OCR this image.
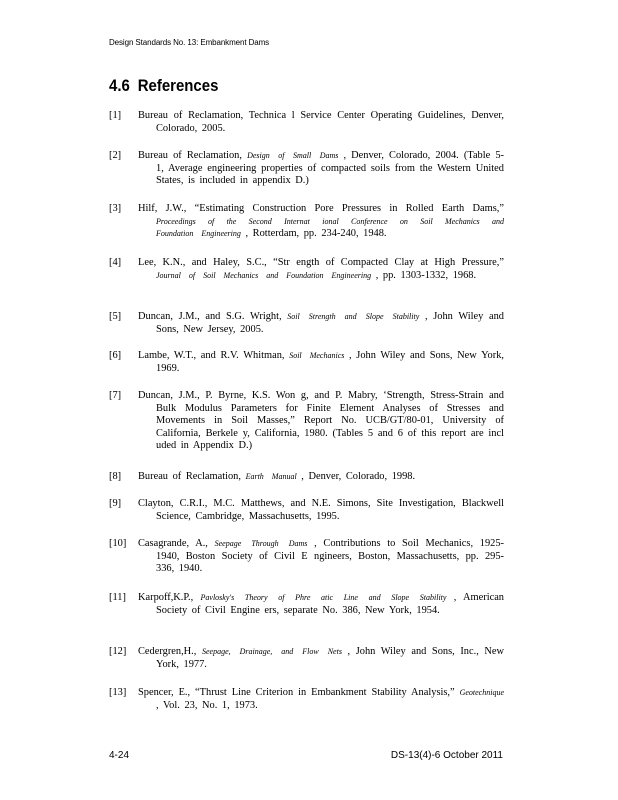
Design Standards No. 13: Embankment Dams
4.6 References
[1] Bureau of Reclamation, Technica l Service Center Operating Guidelines, Denver, Colorado, 2005.
[2] Bureau of Reclamation, Design of Small Dams , Denver, Colorado, 2004. (Table 5-1, Average engineering properties of compacted soils from the Western United States, is included in appendix D.)
[3] Hilf, J.W., “Estimating Construction Pore Pressures in Rolled Earth Dams,” Proceedings of the Second Internat ional Conference on Soil Mechanics and Foundation Engineering , Rotterdam, pp. 234-240, 1948.
[4] Lee, K.N., and Haley, S.C., “Str ength of Compacted Clay at High Pressure,” Journal of Soil Mechanics and Foundation Engineering , pp. 1303-1332, 1968.
[5] Duncan, J.M., and S.G. Wright, Soil Strength and Slope Stability , John Wiley and Sons, New Jersey, 2005.
[6] Lambe, W.T., and R.V. Whitman, Soil Mechanics , John Wiley and Sons, New York, 1969.
[7] Duncan, J.M., P. Byrne, K.S. Won g, and P. Mabry, ‘Strength, Stress-Strain and Bulk Modulus Parameters for Finite Element Analyses of Stresses and Movements in Soil Masses,” Report No. UCB/GT/80-01, University of California, Berkele y, California, 1980. (Tables 5 and 6 of this report are incl uded in Appendix D.)
[8] Bureau of Reclamation, Earth Manual , Denver, Colorado, 1998.
[9] Clayton, C.R.I., M.C. Matthews, and N.E. Simons, Site Investigation, Blackwell Science, Cambridge, Massachusetts, 1995.
[10] Casagrande, A., Seepage Through Dams , Contributions to Soil Mechanics, 1925-1940, Boston Society of Civil E ngineers, Boston, Massachusetts, pp. 295-336, 1940.
[11] Karpoff,K.P., Pavlosky's Theory of Phre atic Line and Slope Stability , American Society of Civil Engine ers, separate No. 386, New York, 1954.
[12] Cedergren,H., Seepage, Drainage, and Flow Nets , John Wiley and Sons, Inc., New York, 1977.
[13] Spencer, E., “Thrust Line Criterion in Embankment Stability Analysis,” Geotechnique , Vol. 23, No. 1, 1973.
4-24	DS-13(4)-6 October 2011
